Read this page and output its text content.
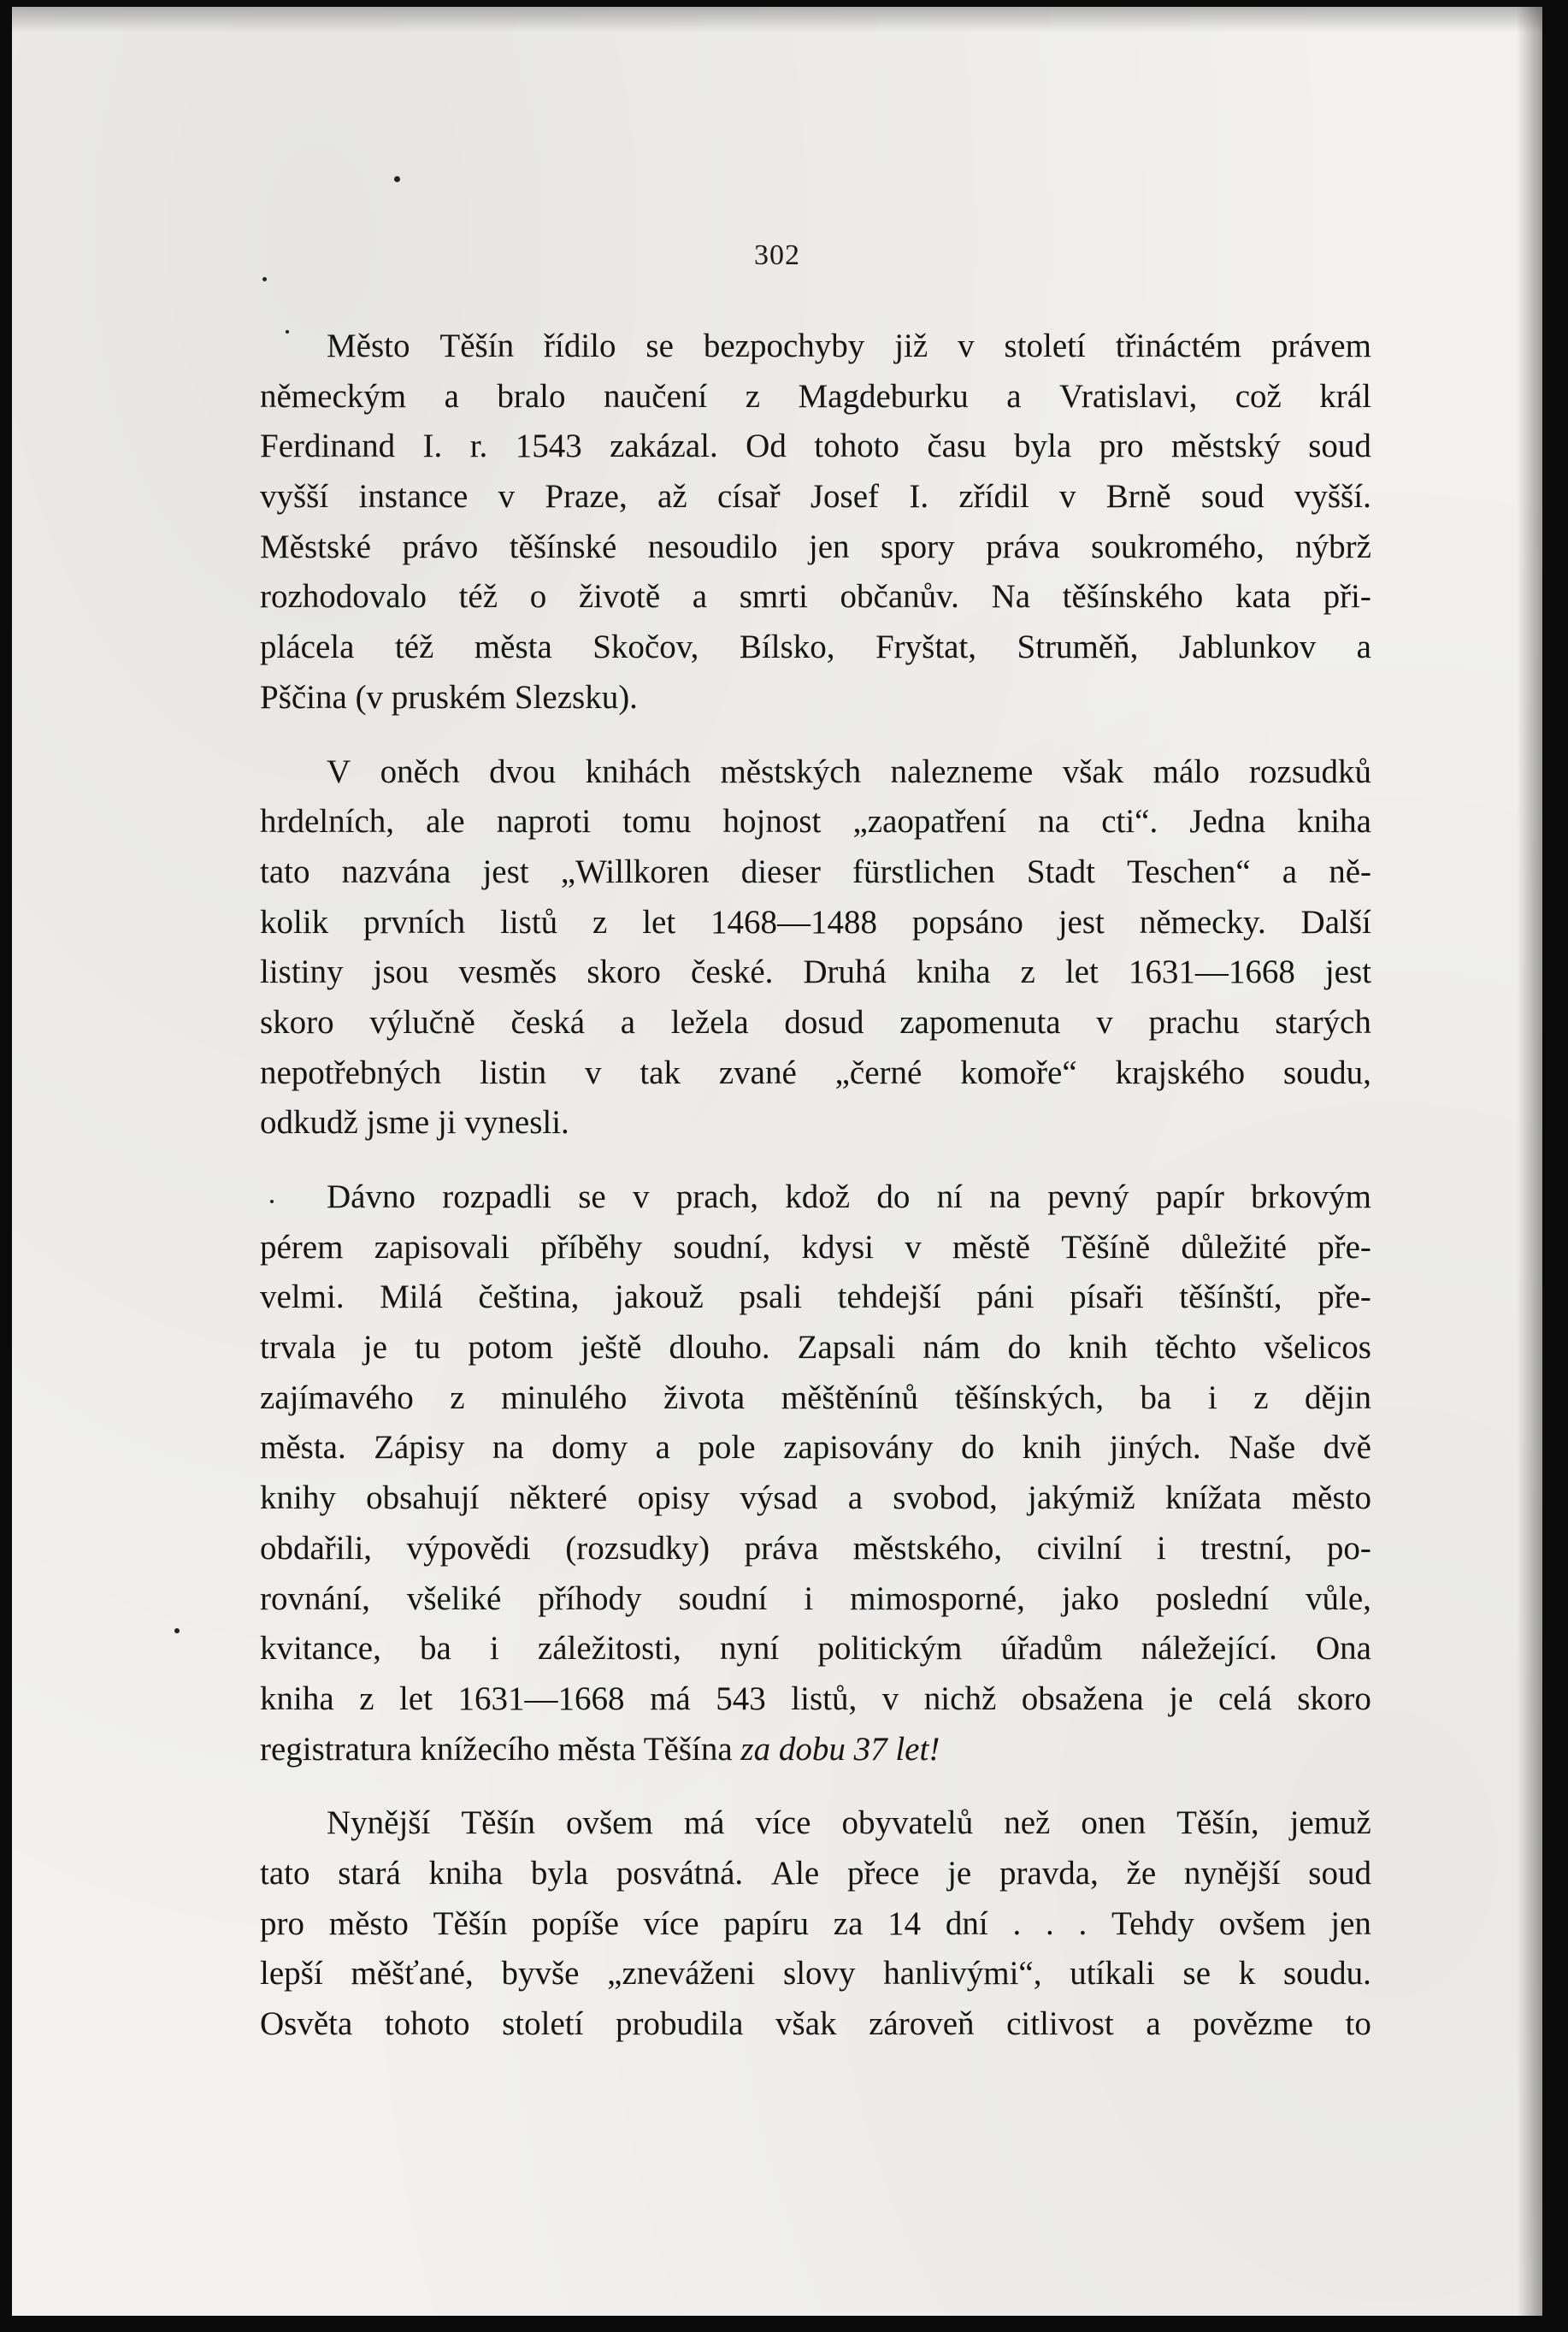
302
Město Těšín řídilo se bezpochyby již v století třináctém právem
německým a bralo naučení z Magdeburku a Vratislavi, což král
Ferdinand I. r. 1543 zakázal. Od tohoto času byla pro městský soud
vyšší instance v Praze, až císař Josef I. zřídil v Brně soud vyšší.
Městské právo těšínské nesoudilo jen spory práva soukromého, nýbrž
rozhodovalo též o životě a smrti občanův. Na těšínského kata při-
plácela též města Skočov, Bílsko, Fryštat, Struměň, Jablunkov a
Pščina (v pruském Slezsku).
V oněch dvou knihách městských nalezneme však málo rozsudků
hrdelních, ale naproti tomu hojnost „zaopatření na cti“. Jedna kniha
tato nazvána jest „Willkoren dieser fürstlichen Stadt Teschen“ a ně-
kolik prvních listů z let 1468—1488 popsáno jest německy. Další
listiny jsou vesměs skoro české. Druhá kniha z let 1631—1668 jest
skoro výlučně česká a ležela dosud zapomenuta v prachu starých
nepotřebných listin v tak zvané „černé komoře“ krajského soudu,
odkudž jsme ji vynesli.
Dávno rozpadli se v prach, kdož do ní na pevný papír brkovým
pérem zapisovali příběhy soudní, kdysi v městě Těšíně důležité pře-
velmi. Milá čeština, jakouž psali tehdejší páni písaři těšínští, pře-
trvala je tu potom ještě dlouho. Zapsali nám do knih těchto všelicos
zajímavého z minulého života měštěnínů těšínských, ba i z dějin
města. Zápisy na domy a pole zapisovány do knih jiných. Naše dvě
knihy obsahují některé opisy výsad a svobod, jakýmiž knížata město
obdařili, výpovědi (rozsudky) práva městského, civilní i trestní, po-
rovnání, všeliké příhody soudní i mimosporné, jako poslední vůle,
kvitance, ba i záležitosti, nyní politickým úřadům náležející. Ona
kniha z let 1631—1668 má 543 listů, v nichž obsažena je celá skoro
registratura knížecího města Těšína za dobu 37 let!
Nynější Těšín ovšem má více obyvatelů než onen Těšín, jemuž
tato stará kniha byla posvátná. Ale přece je pravda, že nynější soud
pro město Těšín popíše více papíru za 14 dní . . . Tehdy ovšem jen
lepší měšťané, byvše „zneváženi slovy hanlivými“, utíkali se k soudu.
Osvěta tohoto století probudila však zároveň citlivost a povězme to
